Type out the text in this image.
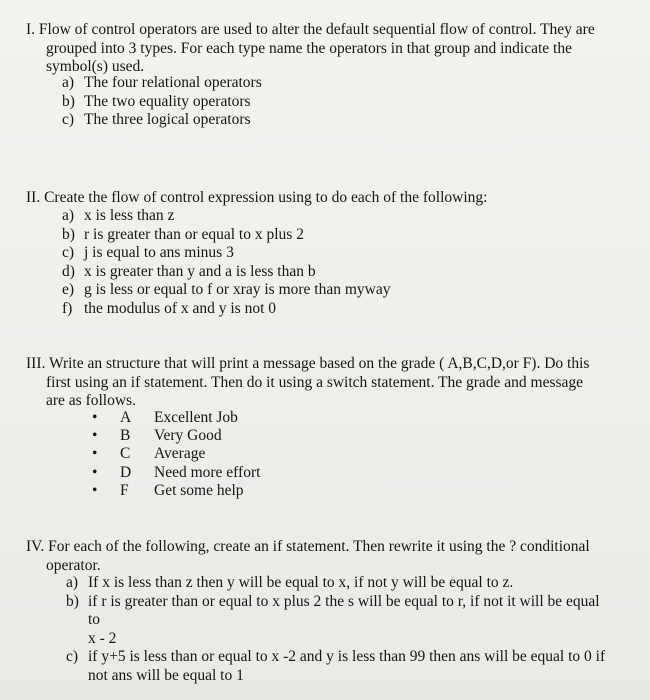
I. Flow of control operators are used to alter the default sequential flow of control. They are
grouped into 3 types. For each type name the operators in that group and indicate the
symbol(s) used.
a) The four relational operators
b) The two equality operators
c) The three logical operators
II. Create the flow of control expression using to do each of the following:
a) x is less than z
b) r is greater than or equal to x plus 2
c) j is equal to ans minus 3
d) x is greater than y and a is less than b
e) g is less or equal to f or xray is more than myway
f) the modulus of x and y is not 0
III. Write an structure that will print a message based on the grade ( A,B,C,D,or F). Do this
first using an if statement. Then do it using a switch statement. The grade and message
are as follows.
•	A	Excellent Job
•	B	Very Good
•	C	Average
•	D	Need more effort
•	F	Get some help
IV. For each of the following, create an if statement. Then rewrite it using the ? conditional
operator.
a) If x is less than z then y will be equal to x, if not y will be equal to z.
b) if r is greater than or equal to x plus 2 the s will be equal to r, if not it will be equal to
x - 2
c) if y+5 is less than or equal to x -2 and y is less than 99 then ans will be equal to 0 if
not ans will be equal to 1
